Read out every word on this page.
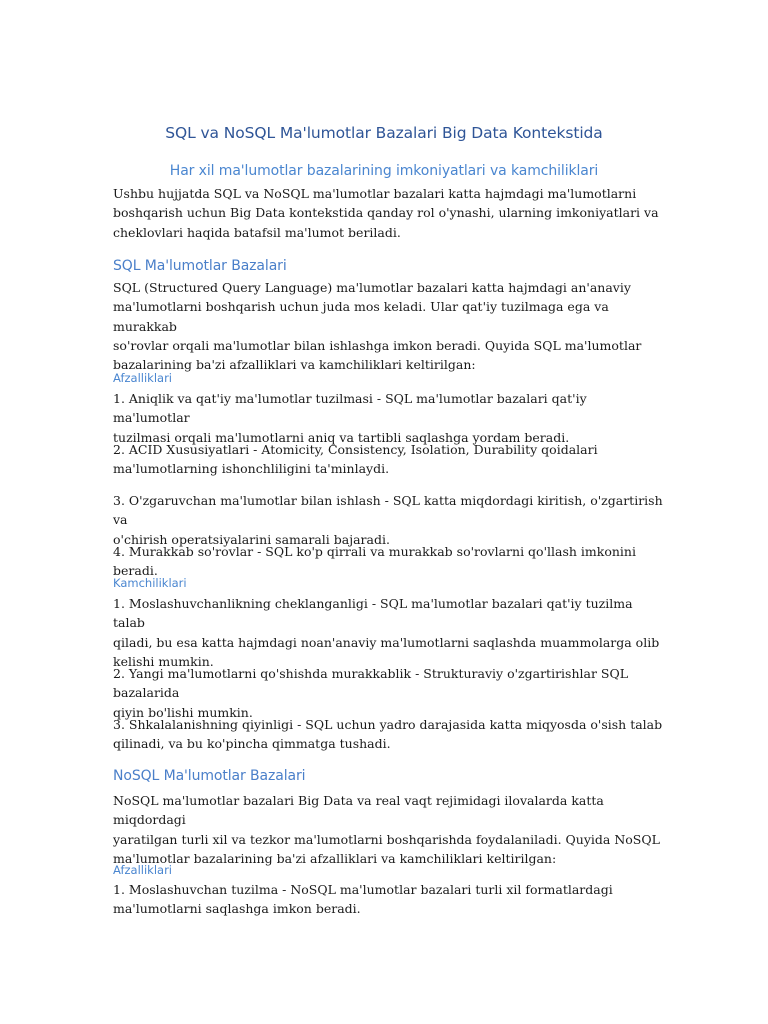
SQL va NoSQL Ma'lumotlar Bazalari Big Data Kontekstida
Har xil ma'lumotlar bazalarining imkoniyatlari va kamchiliklari
Ushbu hujjatda SQL va NoSQL ma'lumotlar bazalari katta hajmdagi ma'lumotlarni
boshqarish uchun Big Data kontekstida qanday rol o'ynashi, ularning imkoniyatlari va
cheklovlari haqida batafsil ma'lumot beriladi.
SQL Ma'lumotlar Bazalari
SQL (Structured Query Language) ma'lumotlar bazalari katta hajmdagi an'anaviy
ma'lumotlarni boshqarish uchun juda mos keladi. Ular qat'iy tuzilmaga ega va murakkab
so'rovlar orqali ma'lumotlar bilan ishlashga imkon beradi. Quyida SQL ma'lumotlar
bazalarining ba'zi afzalliklari va kamchiliklari keltirilgan:
Afzalliklari
1. Aniqlik va qat'iy ma'lumotlar tuzilmasi - SQL ma'lumotlar bazalari qat'iy ma'lumotlar
tuzilmasi orqali ma'lumotlarni aniq va tartibli saqlashga yordam beradi.
2. ACID Xususiyatlari - Atomicity, Consistency, Isolation, Durability qoidalari
ma'lumotlarning ishonchliligini ta'minlaydi.
3. O'zgaruvchan ma'lumotlar bilan ishlash - SQL katta miqdordagi kiritish, o'zgartirish va
o'chirish operatsiyalarini samarali bajaradi.
4. Murakkab so'rovlar - SQL ko'p qirrali va murakkab so'rovlarni qo'llash imkonini beradi.
Kamchiliklari
1. Moslashuvchanlikning cheklanganligi - SQL ma'lumotlar bazalari qat'iy tuzilma talab
qiladi, bu esa katta hajmdagi noan'anaviy ma'lumotlarni saqlashda muammolarga olib
kelishi mumkin.
2. Yangi ma'lumotlarni qo'shishda murakkablik - Strukturaviy o'zgartirishlar SQL bazalarida
qiyin bo'lishi mumkin.
3. Shkalalanishning qiyinligi - SQL uchun yadro darajasida katta miqyosda o'sish talab
qilinadi, va bu ko'pincha qimmatga tushadi.
NoSQL Ma'lumotlar Bazalari
NoSQL ma'lumotlar bazalari Big Data va real vaqt rejimidagi ilovalarda katta miqdordagi
yaratilgan turli xil va tezkor ma'lumotlarni boshqarishda foydalaniladi. Quyida NoSQL
ma'lumotlar bazalarining ba'zi afzalliklari va kamchiliklari keltirilgan:
Afzalliklari
1. Moslashuvchan tuzilma - NoSQL ma'lumotlar bazalari turli xil formatlardagi
ma'lumotlarni saqlashga imkon beradi.
